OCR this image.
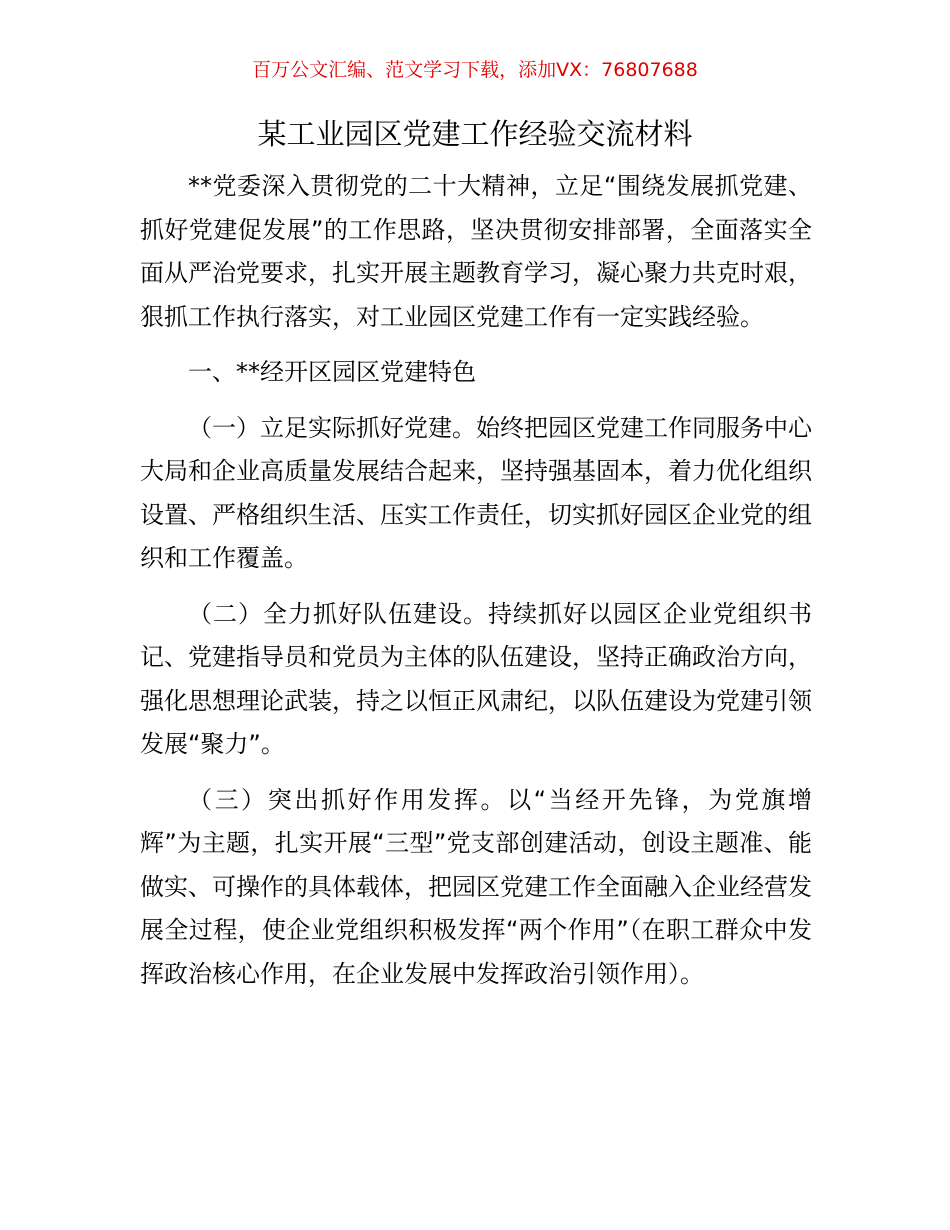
百万公文汇编、范文学习下载，添加VX：76807688
某工业园区党建工作经验交流材料

**党委深入贯彻党的二十大精神，立足“围绕发展抓党建、抓好党建促发展”的工作思路，坚决贯彻安排部署，全面落实全面从严治党要求，扎实开展主题教育学习，凝心聚力共克时艰，狠抓工作执行落实，对工业园区党建工作有一定实践经验。

一、**经开区园区党建特色

（一）立足实际抓好党建。始终把园区党建工作同服务中心大局和企业高质量发展结合起来，坚持强基固本，着力优化组织设置、严格组织生活、压实工作责任，切实抓好园区企业党的组织和工作覆盖。

（二）全力抓好队伍建设。持续抓好以园区企业党组织书记、党建指导员和党员为主体的队伍建设，坚持正确政治方向，强化思想理论武装，持之以恒正风肃纪，以队伍建设为党建引领发展“聚力”。

（三）突出抓好作用发挥。以“当经开先锋，为党旗增辉”为主题，扎实开展“三型”党支部创建活动，创设主题准、能做实、可操作的具体载体，把园区党建工作全面融入企业经营发展全过程，使企业党组织积极发挥“两个作用”（在职工群众中发挥政治核心作用，在企业发展中发挥政治引领作用）。
